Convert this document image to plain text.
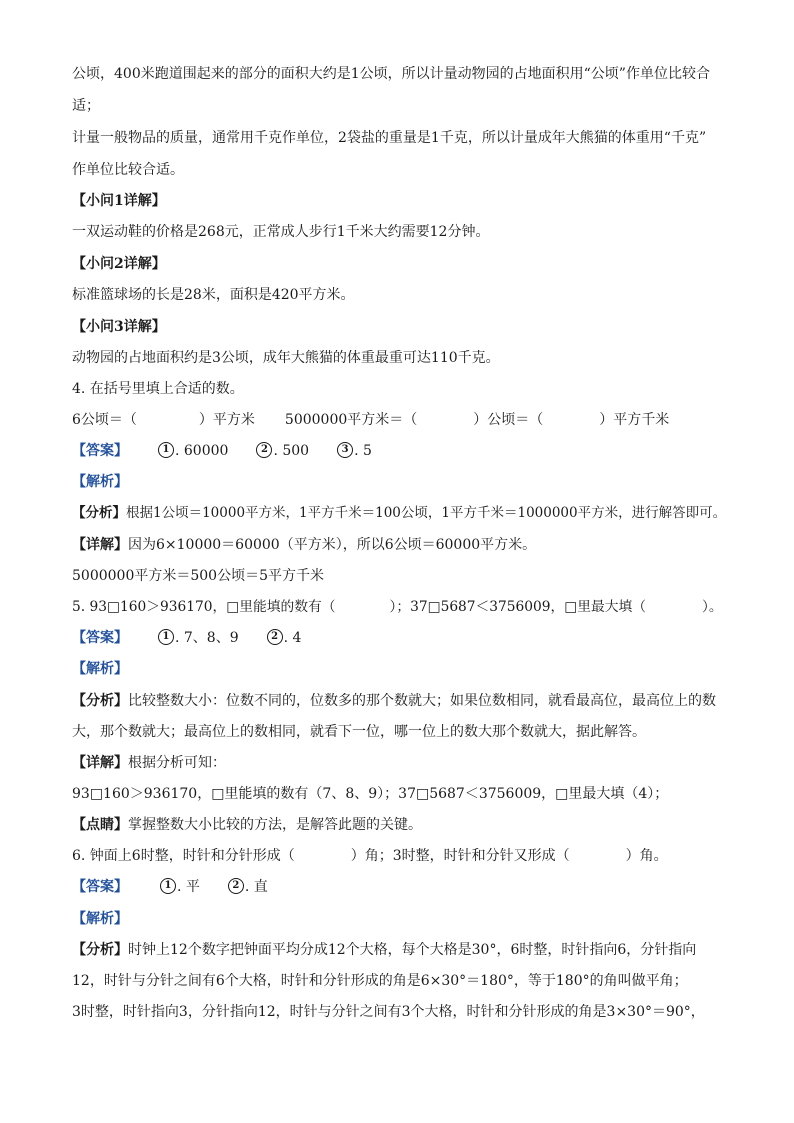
公顷，400米跑道围起来的部分的面积大约是1公顷，所以计量动物园的占地面积用“公顷”作单位比较合
适；
计量一般物品的质量，通常用千克作单位，2袋盐的重量是1千克，所以计量成年大熊猫的体重用“千克”
作单位比较合适。
【小问1详解】
一双运动鞋的价格是268元，正常成人步行1千米大约需要12分钟。
【小问2详解】
标准篮球场的长是28米，面积是420平方米。
【小问3详解】
动物园的占地面积约是3公顷，成年大熊猫的体重最重可达110千克。
4. 在括号里填上合适的数。
6公顷＝（	）平方米 5000000平方米＝（	）公顷＝（	）平方千米
【答案】	1 . 60000	2 . 500	3 . 5
【解析】
【分析】根据1公顷＝10000平方米，1平方千米＝100公顷，1平方千米＝1000000平方米，进行解答即可。
【详解】因为6×10000＝60000（平方米），所以6公顷＝60000平方米。
5000000平方米＝500公顷＝5平方千米
5. 93□160＞936170，□里能填的数有（	）；37□5687＜3756009，□里最大填（	）。
【答案】	1 . 7、8、9	2 . 4
【解析】
【分析】比较整数大小：位数不同的，位数多的那个数就大；如果位数相同，就看最高位，最高位上的数
大，那个数就大；最高位上的数相同，就看下一位，哪一位上的数大那个数就大，据此解答。
【详解】根据分析可知：
93□160＞936170，□里能填的数有（7、8、9）；37□5687＜3756009，□里最大填（4）；
【点睛】掌握整数大小比较的方法，是解答此题的关键。
6. 钟面上6时整，时针和分针形成（	）角；3时整，时针和分针又形成（	）角。
【答案】	1 . 平	2 . 直
【解析】
【分析】时钟上12个数字把钟面平均分成12个大格，每个大格是30°，6时整，时针指向6，分针指向
12，时针与分针之间有6个大格，时针和分针形成的角是6×30°＝180°，等于180°的角叫做平角；
3时整，时针指向3，分针指向12，时针与分针之间有3个大格，时针和分针形成的角是3×30°＝90°，
